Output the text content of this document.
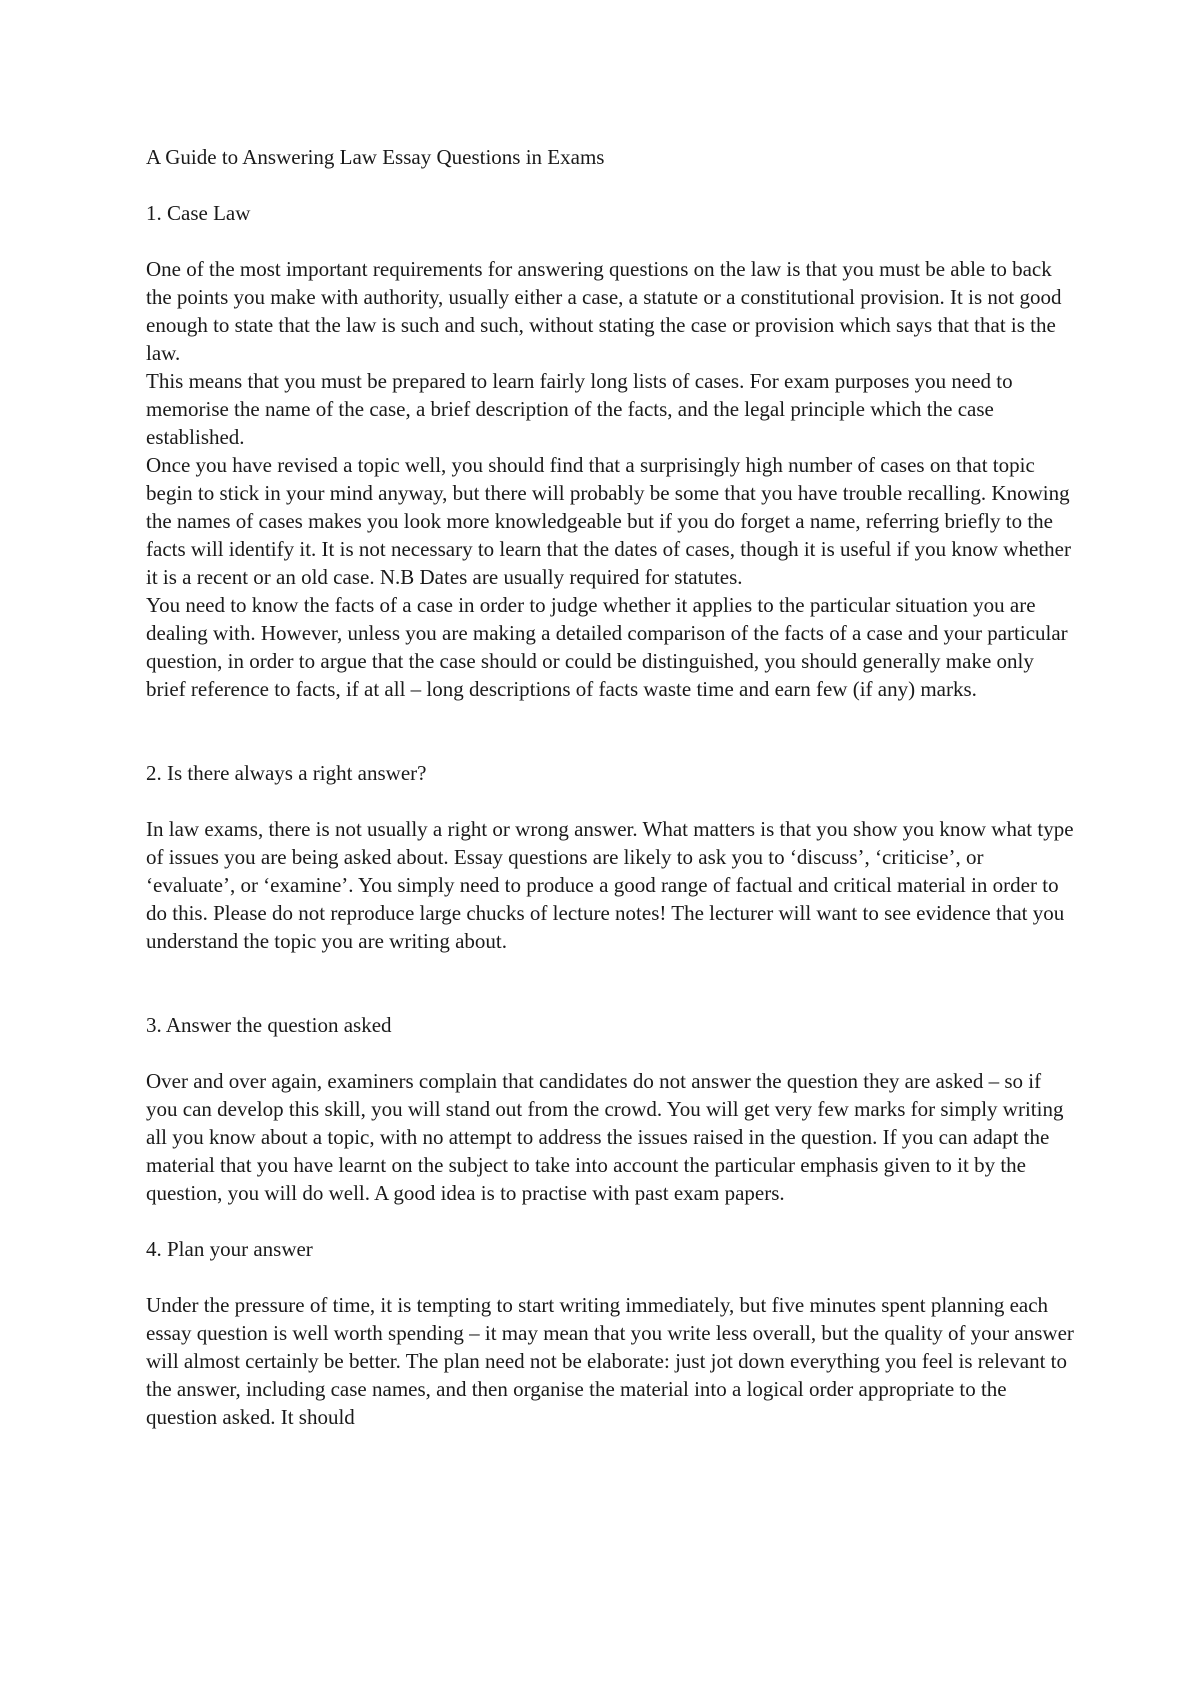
A Guide to Answering Law Essay Questions in Exams

1. Case Law

One of the most important requirements for answering questions on the law is that you must be able to back the points you make with authority, usually either a case, a statute or a constitutional provision. It is not good enough to state that the law is such and such, without stating the case or provision which says that that is the law.

This means that you must be prepared to learn fairly long lists of cases. For exam purposes you need to memorise the name of the case, a brief description of the facts, and the legal principle which the case established.

Once you have revised a topic well, you should find that a surprisingly high number of cases on that topic begin to stick in your mind anyway, but there will probably be some that you have trouble recalling. Knowing the names of cases makes you look more knowledgeable but if you do forget a name, referring briefly to the facts will identify it. It is not necessary to learn that the dates of cases, though it is useful if you know whether it is a recent or an old case. N.B Dates are usually required for statutes.

You need to know the facts of a case in order to judge whether it applies to the particular situation you are dealing with. However, unless you are making a detailed comparison of the facts of a case and your particular question, in order to argue that the case should or could be distinguished, you should generally make only brief reference to facts, if at all – long descriptions of facts waste time and earn few (if any) marks.

2. Is there always a right answer?

In law exams, there is not usually a right or wrong answer. What matters is that you show you know what type of issues you are being asked about. Essay questions are likely to ask you to ‘discuss’, ‘criticise’, or ‘evaluate’, or ‘examine’. You simply need to produce a good range of factual and critical material in order to do this. Please do not reproduce large chucks of lecture notes! The lecturer will want to see evidence that you understand the topic you are writing about.

3. Answer the question asked

Over and over again, examiners complain that candidates do not answer the question they are asked – so if you can develop this skill, you will stand out from the crowd. You will get very few marks for simply writing all you know about a topic, with no attempt to address the issues raised in the question. If you can adapt the material that you have learnt on the subject to take into account the particular emphasis given to it by the question, you will do well. A good idea is to practise with past exam papers.

4. Plan your answer

Under the pressure of time, it is tempting to start writing immediately, but five minutes spent planning each essay question is well worth spending – it may mean that you write less overall, but the quality of your answer will almost certainly be better. The plan need not be elaborate: just jot down everything you feel is relevant to the answer, including case names, and then organise the material into a logical order appropriate to the question asked. It should
